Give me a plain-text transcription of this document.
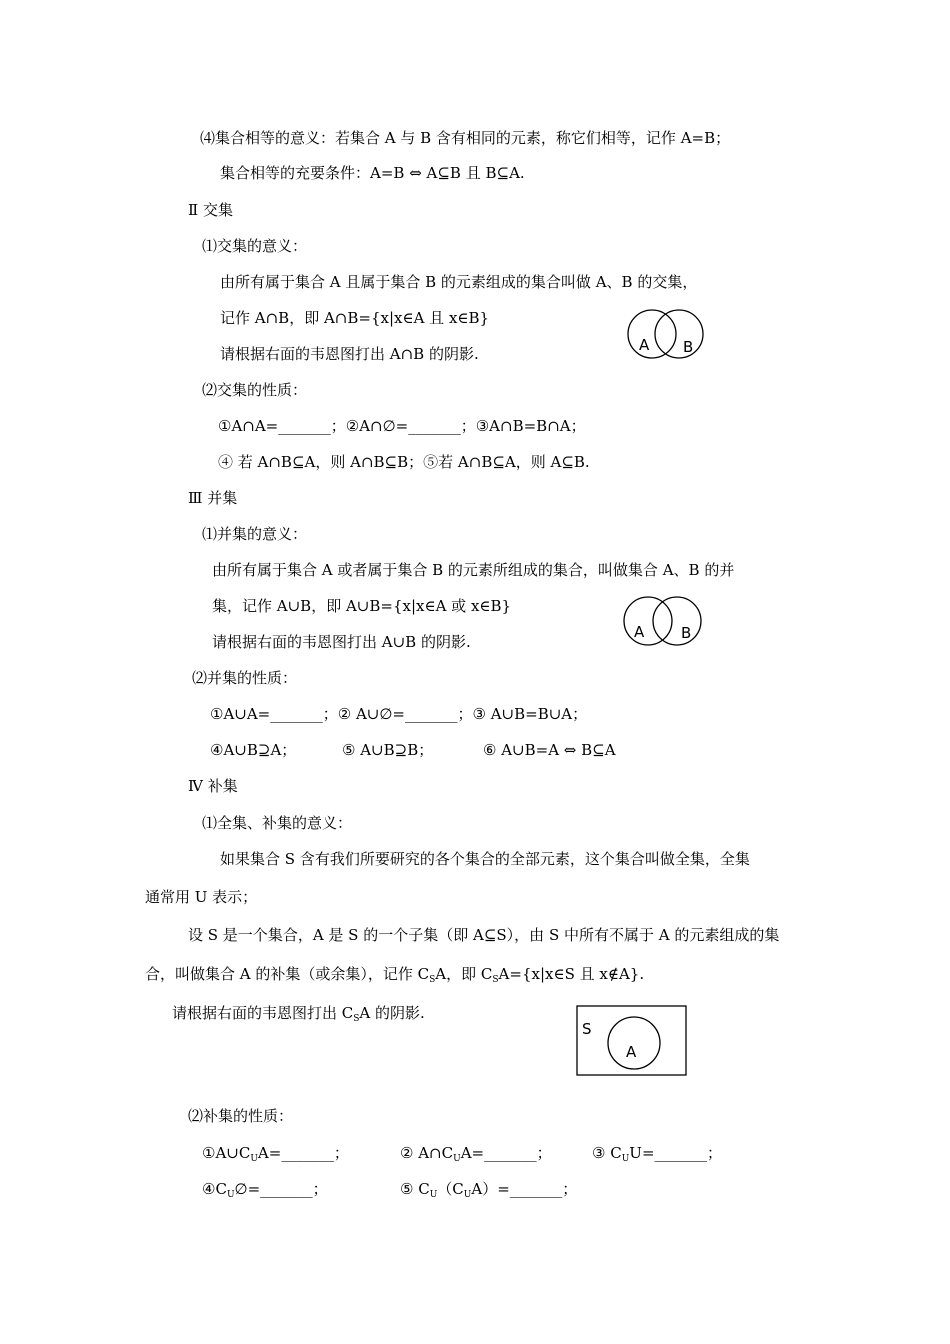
⑷集合相等的意义：若集合 A 与 B 含有相同的元素，称它们相等，记作 A=B；
集合相等的充要条件：A=B ⇔ A⊆B 且 B⊆A.
Ⅱ 交集
⑴交集的意义：
由所有属于集合 A 且属于集合 B 的元素组成的集合叫做 A、B 的交集，
记作 A∩B，即 A∩B={x|x∈A 且 x∈B}
请根据右面的韦恩图打出 A∩B 的阴影.	A B
⑵交集的性质：
①A∩A=_______；②A∩∅=_______；③A∩B=B∩A；
④ 若 A∩B⊆A，则 A∩B⊆B；⑤若 A∩B⊆A，则 A⊆B.
Ⅲ 并集
⑴并集的意义：
由所有属于集合 A 或者属于集合 B 的元素所组成的集合，叫做集合 A、B 的并
集，记作 A∪B，即 A∪B={x|x∈A 或 x∈B}
请根据右面的韦恩图打出 A∪B 的阴影.
A B
⑵并集的性质：
①A∪A=_______；② A∪∅=_______；③ A∪B=B∪A；
④A∪B⊇A；	⑤ A∪B⊇B；	⑥ A∪B=A ⇔ B⊆A
Ⅳ 补集
⑴全集、补集的意义：
如果集合 S 含有我们所要研究的各个集合的全部元素，这个集合叫做全集，全集
通常用 U 表示；
设 S 是一个集合，A 是 S 的一个子集（即 A⊆S），由 S 中所有不属于 A 的元素组成的集
合，叫做集合 A 的补集（或余集），记作 $C_SA$，即 $C_SA=\{x|x\in S$ 且 x∉A}.
请根据右面的韦恩图打出 $C_SA$ 的阴影.
S
A
⑵补集的性质：
$①A\cup C_UA=\_\_\_\_\_\_\_$；	② $A\cap C_UA=\_\_\_\_\_\_\_$；	③ $C_UU=\_\_\_\_\_\_\_$；
$④C_U\emptyset=\_\_\_\_\_\_\_$；	⑤ $C_U(C_UA)=\_\_\_\_\_\_\_$；
